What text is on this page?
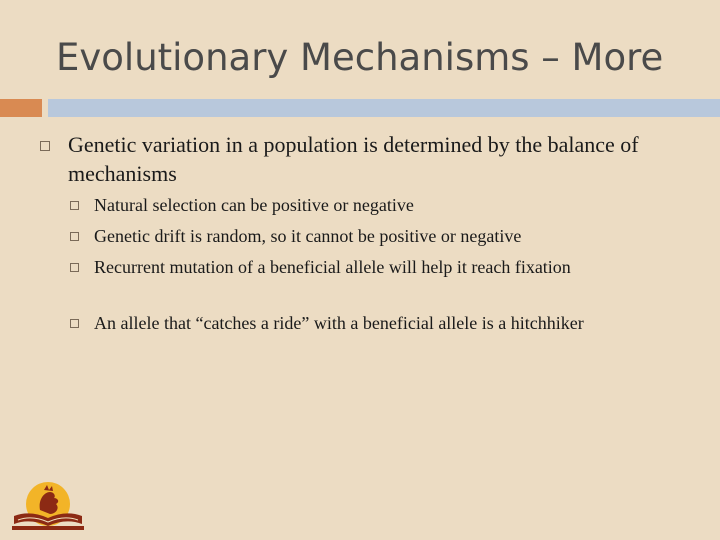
Evolutionary Mechanisms – More
Genetic variation in a population is determined by the balance of mechanisms
Natural selection can be positive or negative
Genetic drift is random, so it cannot be positive or negative
Recurrent mutation of a beneficial allele will help it reach fixation
An allele that “catches a ride” with a beneficial allele is a hitchhiker
